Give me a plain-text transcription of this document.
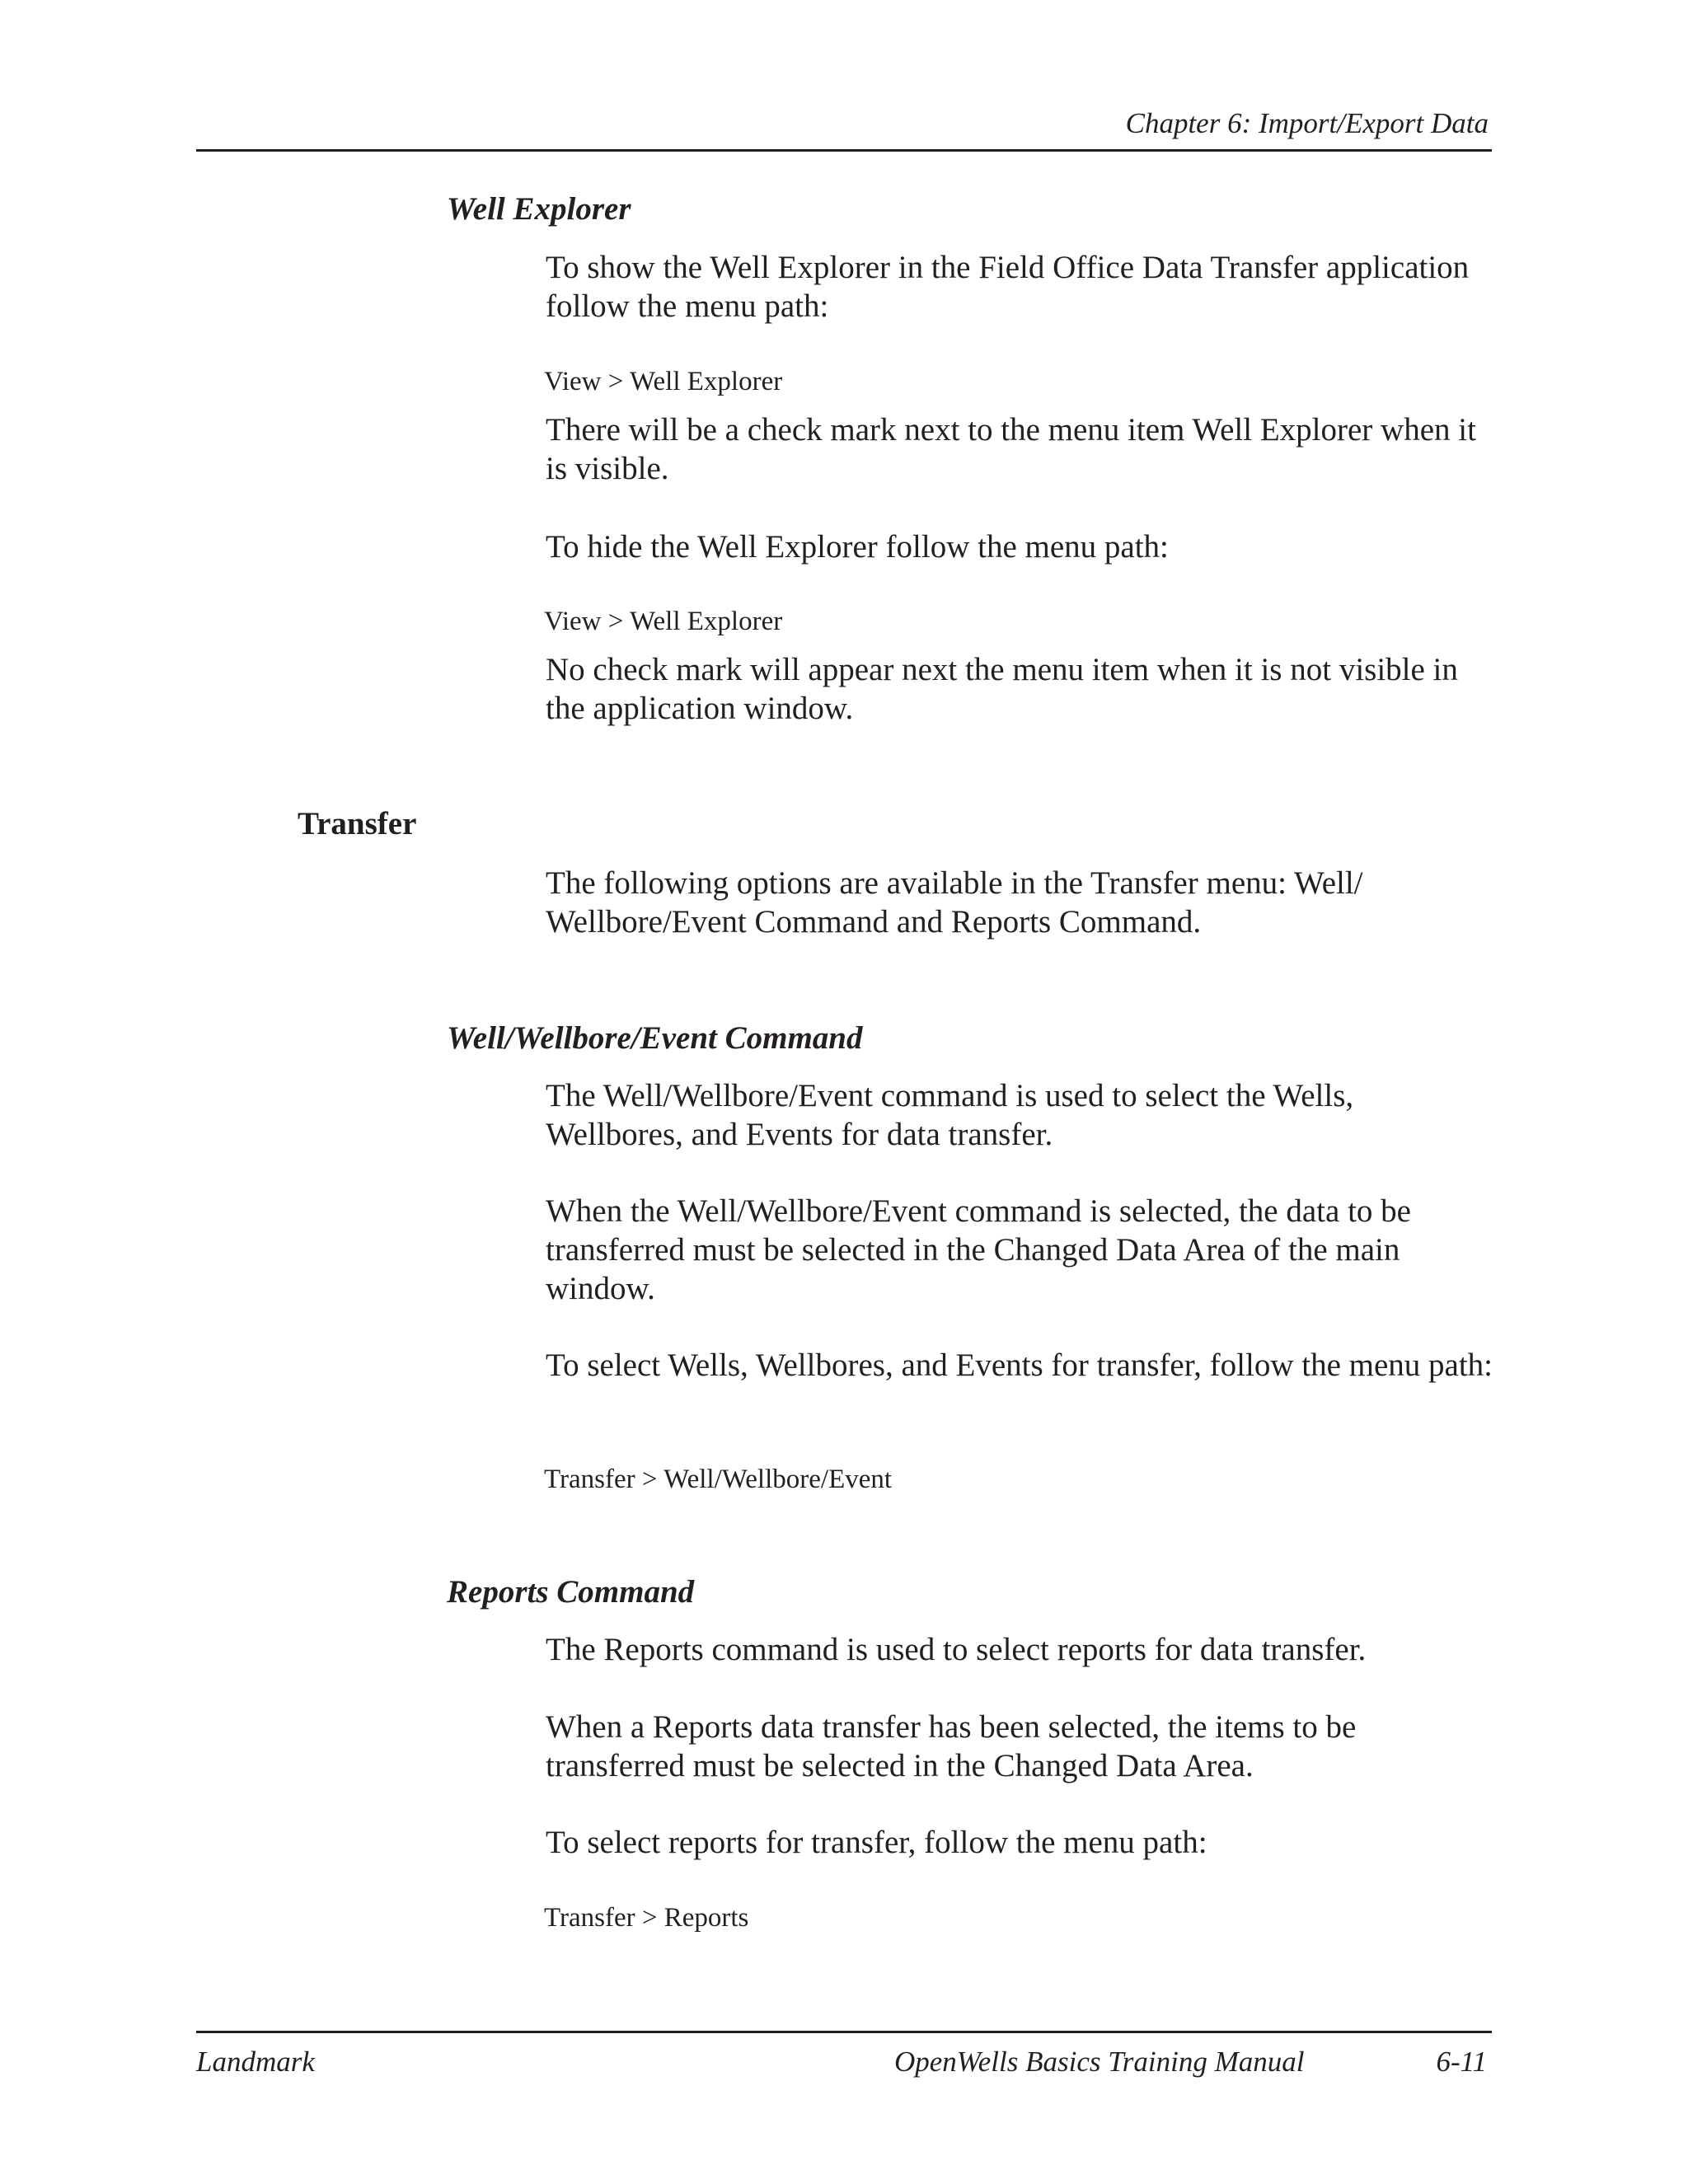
Chapter 6: Import/Export Data
Well Explorer

To show the Well Explorer in the Field Office Data Transfer application follow the menu path:

View > Well Explorer

There will be a check mark next to the menu item Well Explorer when it is visible.

To hide the Well Explorer follow the menu path:

View > Well Explorer

No check mark will appear next the menu item when it is not visible in the application window.

Transfer

The following options are available in the Transfer menu: Well/ Wellbore/Event Command and Reports Command.

Well/Wellbore/Event Command

The Well/Wellbore/Event command is used to select the Wells, Wellbores, and Events for data transfer.

When the Well/Wellbore/Event command is selected, the data to be transferred must be selected in the Changed Data Area of the main window.

To select Wells, Wellbores, and Events for transfer, follow the menu path:

Transfer > Well/Wellbore/Event
Reports Command

The Reports command is used to select reports for data transfer.

When a Reports data transfer has been selected, the items to be transferred must be selected in the Changed Data Area.

To select reports for transfer, follow the menu path:

Transfer > Reports
Landmark	OpenWells Basics Training Manual	6-11
